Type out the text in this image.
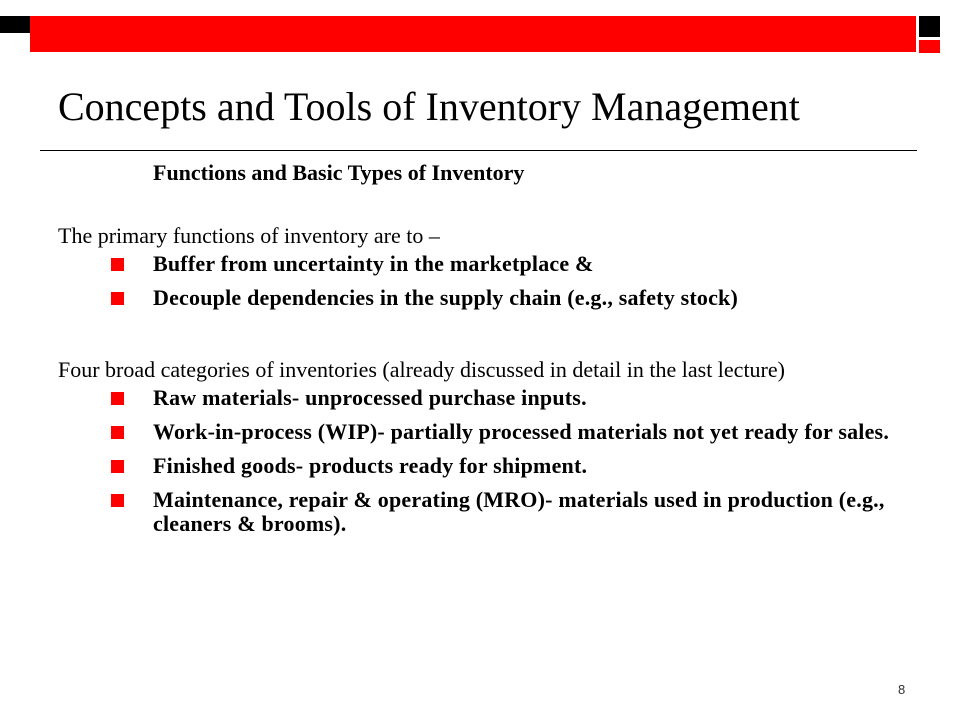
Concepts and Tools of Inventory Management

Functions and Basic Types of Inventory

The primary functions of inventory are to –

Buffer from uncertainty in the marketplace &
Decouple dependencies in the supply chain (e.g., safety stock)

Four broad categories of inventories (already discussed in detail in the last lecture)

Raw materials- unprocessed purchase inputs.
Work-in-process (WIP)- partially processed materials not yet ready for sales.
Finished goods- products ready for shipment.
Maintenance, repair & operating (MRO)- materials used in production (e.g., cleaners & brooms).
8
